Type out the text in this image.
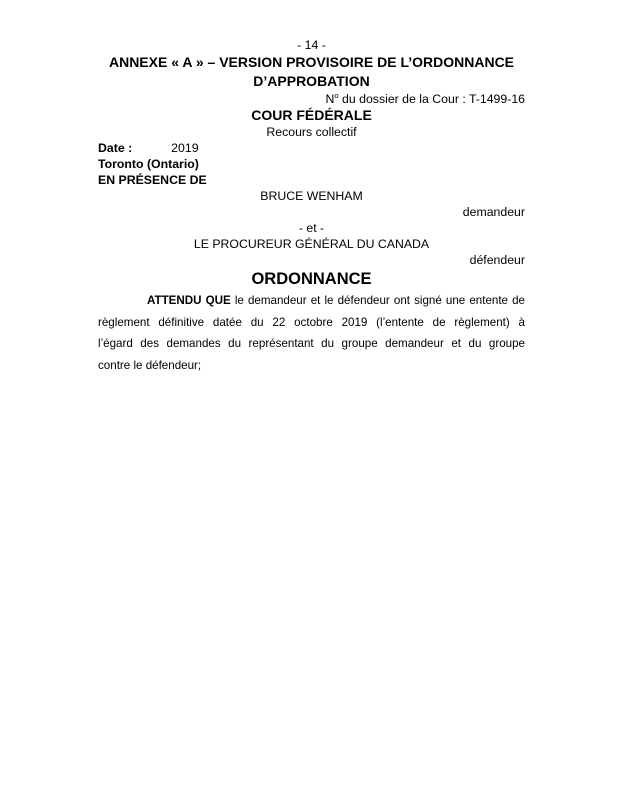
- 14 -
ANNEXE « A » – VERSION PROVISOIRE DE L’ORDONNANCE
D’APPROBATION
$N^o$ du dossier de la Cour : T-1499-16
COUR FÉDÉRALE
Recours collectif
Date :	2019
Toronto (Ontario)
EN PRÉSENCE DE
BRUCE WENHAM
demandeur
- et -
LE PROCUREUR GÉNÉRAL DU CANADA
défendeur
ORDONNANCE
ATTENDU QUE le demandeur et le défendeur ont signé une entente de
règlement définitive datée du 22 octobre 2019 (l’entente de règlement) à
l’égard des demandes du représentant du groupe demandeur et du groupe
contre le défendeur;
